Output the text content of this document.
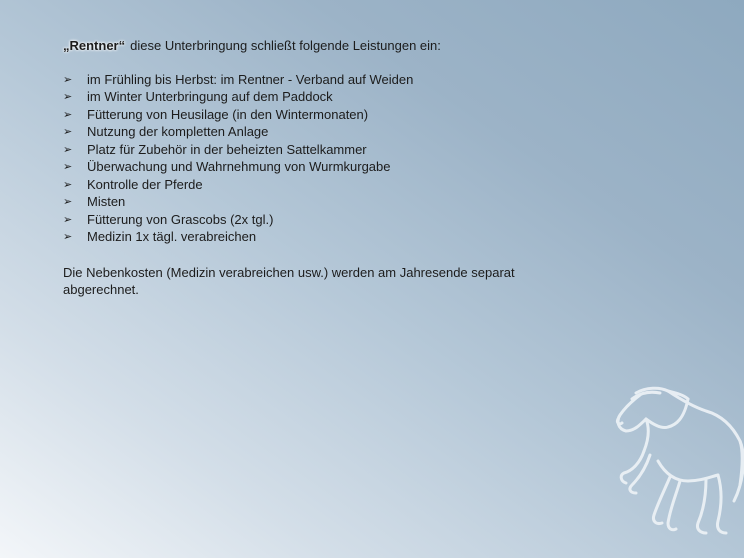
„Rentner“ diese Unterbringung schließt folgende Leistungen ein:

➢ im Frühling bis Herbst: im Rentner - Verband auf Weiden
➢ im Winter Unterbringung auf dem Paddock
➢ Fütterung von Heusilage (in den Wintermonaten)
➢ Nutzung der kompletten Anlage
➢ Platz für Zubehör in der beheizten Sattelkammer
➢ Überwachung und Wahrnehmung von Wurmkurgabe
➢ Kontrolle der Pferde
➢ Misten
➢ Fütterung von Grascobs (2x tgl.)
➢ Medizin 1x tägl. verabreichen

Die Nebenkosten (Medizin verabreichen usw.) werden am Jahresende separat abgerechnet.
